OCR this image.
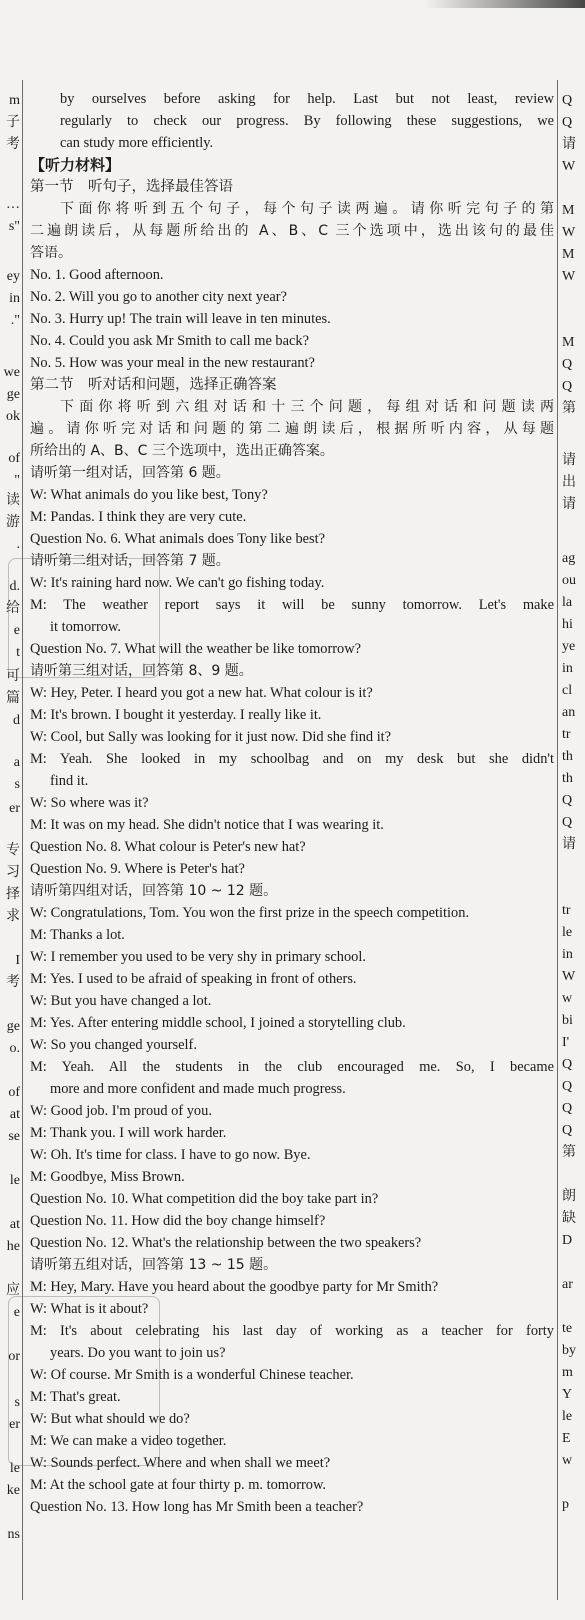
m
子
考
…
s"
ey
in
."
we
ge
ok
of
"
读
游
.
d.
给
e
t
可
篇
d
a
s
er
专
习
择
求
I
考
ge
o.
of
at
se
le
at
he
应
e
or
s
er
le
ke
ns
by ourselves before asking for help. Last but not least, review
regularly to check our progress. By following these suggestions, we
can study more efficiently.
【听力材料】
第一节　听句子，选择最佳答语
下面你将听到五个句子，每个句子读两遍。请你听完句子的第
二遍朗读后，从每题所给出的 A、B、C 三个选项中，选出该句的最佳
答语。
No. 1. Good afternoon.
No. 2. Will you go to another city next year?
No. 3. Hurry up! The train will leave in ten minutes.
No. 4. Could you ask Mr Smith to call me back?
No. 5. How was your meal in the new restaurant?
第二节　听对话和问题，选择正确答案
下面你将听到六组对话和十三个问题，每组对话和问题读两
遍。请你听完对话和问题的第二遍朗读后，根据所听内容，从每题
所给出的 A、B、C 三个选项中，选出正确答案。
请听第一组对话，回答第 6 题。
W: What animals do you like best, Tony?
M: Pandas. I think they are very cute.
Question No. 6. What animals does Tony like best?
请听第二组对话，回答第 7 题。
W: It's raining hard now. We can't go fishing today.
M: The weather report says it will be sunny tomorrow. Let's make
it tomorrow.
Question No. 7. What will the weather be like tomorrow?
请听第三组对话，回答第 8、9 题。
W: Hey, Peter. I heard you got a new hat. What colour is it?
M: It's brown. I bought it yesterday. I really like it.
W: Cool, but Sally was looking for it just now. Did she find it?
M: Yeah. She looked in my schoolbag and on my desk but she didn't
find it.
W: So where was it?
M: It was on my head. She didn't notice that I was wearing it.
Question No. 8. What colour is Peter's new hat?
Question No. 9. Where is Peter's hat?
请听第四组对话，回答第 10 ~ 12 题。
W: Congratulations, Tom. You won the first prize in the speech competition.
M: Thanks a lot.
W: I remember you used to be very shy in primary school.
M: Yes. I used to be afraid of speaking in front of others.
W: But you have changed a lot.
M: Yes. After entering middle school, I joined a storytelling club.
W: So you changed yourself.
M: Yeah. All the students in the club encouraged me. So, I became
more and more confident and made much progress.
W: Good job. I'm proud of you.
M: Thank you. I will work harder.
W: Oh. It's time for class. I have to go now. Bye.
M: Goodbye, Miss Brown.
Question No. 10. What competition did the boy take part in?
Question No. 11. How did the boy change himself?
Question No. 12. What's the relationship between the two speakers?
请听第五组对话，回答第 13 ~ 15 题。
M: Hey, Mary. Have you heard about the goodbye party for Mr Smith?
W: What is it about?
M: It's about celebrating his last day of working as a teacher for forty
years. Do you want to join us?
W: Of course. Mr Smith is a wonderful Chinese teacher.
M: That's great.
W: But what should we do?
M: We can make a video together.
W: Sounds perfect. Where and when shall we meet?
M: At the school gate at four thirty p. m. tomorrow.
Question No. 13. How long has Mr Smith been a teacher?
Q
Q
请
W
M
W
M
W
M
Q
Q
第
请
出
请
ag
ou
la
hi
ye
in
cl
an
tr
th
th
Q
Q
请
tr
le
in
W
w
bi
I'
Q
Q
Q
Q
第
朗
缺
D
ar
te
by
m
Y
le
E
w
p
